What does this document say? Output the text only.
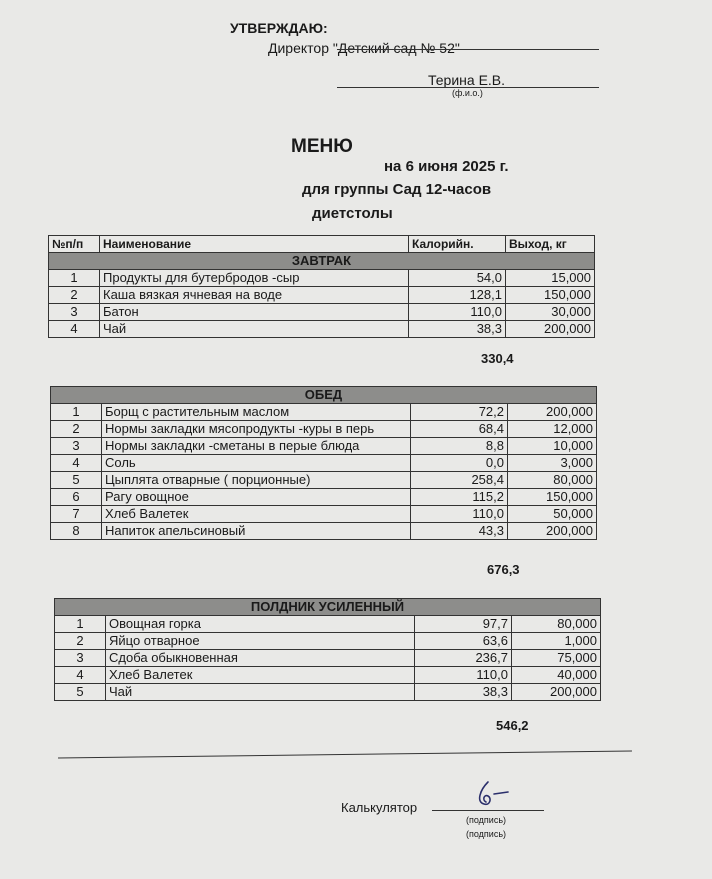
УТВЕРЖДАЮ:
Директор "Детский сад № 52"
Терина Е.В.
(ф.и.о.)
МЕНЮ
на 6 июня 2025 г.
для группы Сад 12-часов
диетстолы
№п/п	Наименование	Калорийн.	Выход, кг
ЗАВТРАК			
1	Продукты для бутербродов -сыр	54,0	15,000
2	Каша вязкая ячневая на воде	128,1	150,000
3	Батон	110,0	30,000
4	Чай	38,3	200,000
330,4
ОБЕД			
1	Борщ с растительным маслом	72,2	200,000
2	Нормы закладки мясопродукты -куры в перь	68,4	12,000
3	Нормы закладки -сметаны в перые блюда	8,8	10,000
4	Соль	0,0	3,000
5	Цыплята отварные ( порционные)	258,4	80,000
6	Рагу овощное	115,2	150,000
7	Хлеб Валетек	110,0	50,000
8	Напиток апельсиновый	43,3	200,000
676,3
ПОЛДНИК УСИЛЕННЫЙ			
1	Овощная горка	97,7	80,000
2	Яйцо отварное	63,6	1,000
3	Сдоба обыкновенная	236,7	75,000
4	Хлеб Валетек	110,0	40,000
5	Чай	38,3	200,000
546,2
Калькулятор
(подпись)
(подпись)
